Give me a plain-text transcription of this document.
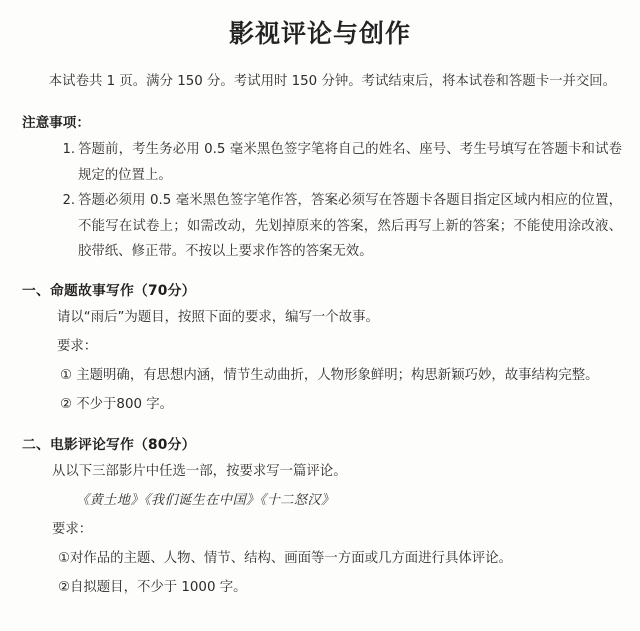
影视评论与创作

本试卷共 1 页。满分 150 分。考试用时 150 分钟。考试结束后，将本试卷和答题卡一并交回。

注意事项：
1. 答题前，考生务必用 0.5 毫米黑色签字笔将自己的姓名、座号、考生号填写在答题卡和试卷规定的位置上。
2. 答题必须用 0.5 毫米黑色签字笔作答，答案必须写在答题卡各题目指定区域内相应的位置，不能写在试卷上；如需改动，先划掉原来的答案，然后再写上新的答案；不能使用涂改液、胶带纸、修正带。不按以上要求作答的答案无效。
一、命题故事写作（70分）
请以“雨后”为题目，按照下面的要求，编写一个故事。
要求：
① 主题明确，有思想内涵，情节生动曲折，人物形象鲜明；构思新颖巧妙，故事结构完整。
② 不少于800 字。
二、电影评论写作（80分）
从以下三部影片中任选一部，按要求写一篇评论。
《黄土地》《我们诞生在中国》《十二怒汉》
要求：
①对作品的主题、人物、情节、结构、画面等一方面或几方面进行具体评论。
②自拟题目，不少于 1000 字。
